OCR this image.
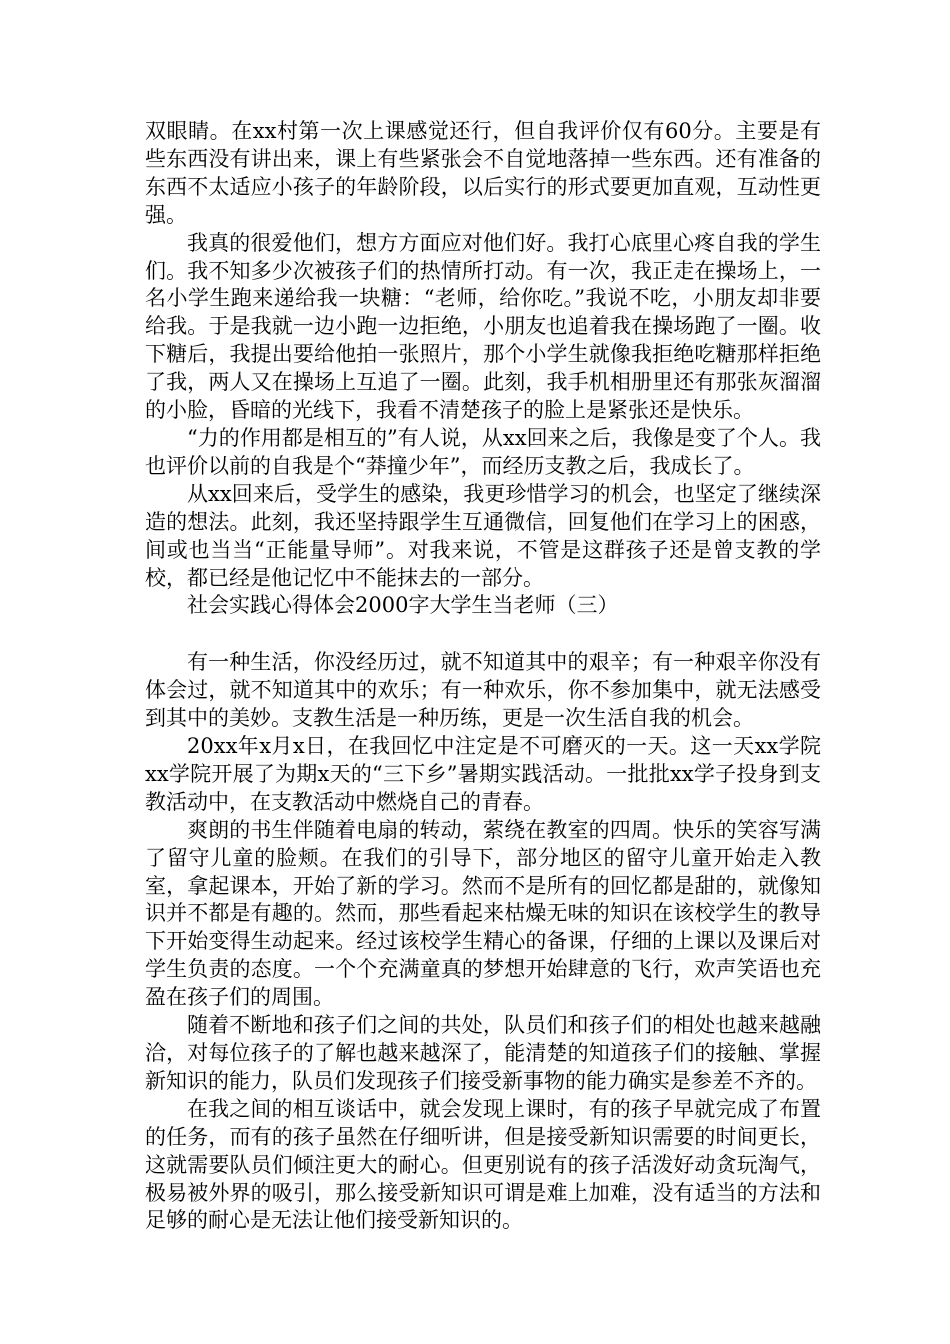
双眼睛。在xx村第一次上课感觉还行，但自我评价仅有60分。主要是有些东西没有讲出来，课上有些紧张会不自觉地落掉一些东西。还有准备的东西不太适应小孩子的年龄阶段，以后实行的形式要更加直观，互动性更强。

我真的很爱他们，想方方面应对他们好。我打心底里心疼自我的学生们。我不知多少次被孩子们的热情所打动。有一次，我正走在操场上，一名小学生跑来递给我一块糖：“老师，给你吃。”我说不吃，小朋友却非要给我。于是我就一边小跑一边拒绝，小朋友也追着我在操场跑了一圈。收下糖后，我提出要给他拍一张照片，那个小学生就像我拒绝吃糖那样拒绝了我，两人又在操场上互追了一圈。此刻，我手机相册里还有那张灰溜溜的小脸，昏暗的光线下，我看不清楚孩子的脸上是紧张还是快乐。

“力的作用都是相互的”有人说，从xx回来之后，我像是变了个人。我也评价以前的自我是个“莽撞少年”，而经历支教之后，我成长了。

从xx回来后，受学生的感染，我更珍惜学习的机会，也坚定了继续深造的想法。此刻，我还坚持跟学生互通微信，回复他们在学习上的困惑，间或也当当“正能量导师”。对我来说，不管是这群孩子还是曾支教的学校，都已经是他记忆中不能抹去的一部分。

社会实践心得体会2000字大学生当老师（三）

有一种生活，你没经历过，就不知道其中的艰辛；有一种艰辛你没有体会过，就不知道其中的欢乐；有一种欢乐，你不参加集中，就无法感受到其中的美妙。支教生活是一种历练，更是一次生活自我的机会。

20xx年x月x日，在我回忆中注定是不可磨灭的一天。这一天xx学院xx学院开展了为期x天的“三下乡”暑期实践活动。一批批xx学子投身到支教活动中，在支教活动中燃烧自己的青春。

爽朗的书生伴随着电扇的转动，萦绕在教室的四周。快乐的笑容写满了留守儿童的脸颊。在我们的引导下，部分地区的留守儿童开始走入教室，拿起课本，开始了新的学习。然而不是所有的回忆都是甜的，就像知识并不都是有趣的。然而，那些看起来枯燥无味的知识在该校学生的教导下开始变得生动起来。经过该校学生精心的备课，仔细的上课以及课后对学生负责的态度。一个个充满童真的梦想开始肆意的飞行，欢声笑语也充盈在孩子们的周围。

随着不断地和孩子们之间的共处，队员们和孩子们的相处也越来越融洽，对每位孩子的了解也越来越深了，能清楚的知道孩子们的接触、掌握新知识的能力，队员们发现孩子们接受新事物的能力确实是参差不齐的。

在我之间的相互谈话中，就会发现上课时，有的孩子早就完成了布置的任务，而有的孩子虽然在仔细听讲，但是接受新知识需要的时间更长，这就需要队员们倾注更大的耐心。但更别说有的孩子活泼好动贪玩淘气，极易被外界的吸引，那么接受新知识可谓是难上加难，没有适当的方法和足够的耐心是无法让他们接受新知识的。
